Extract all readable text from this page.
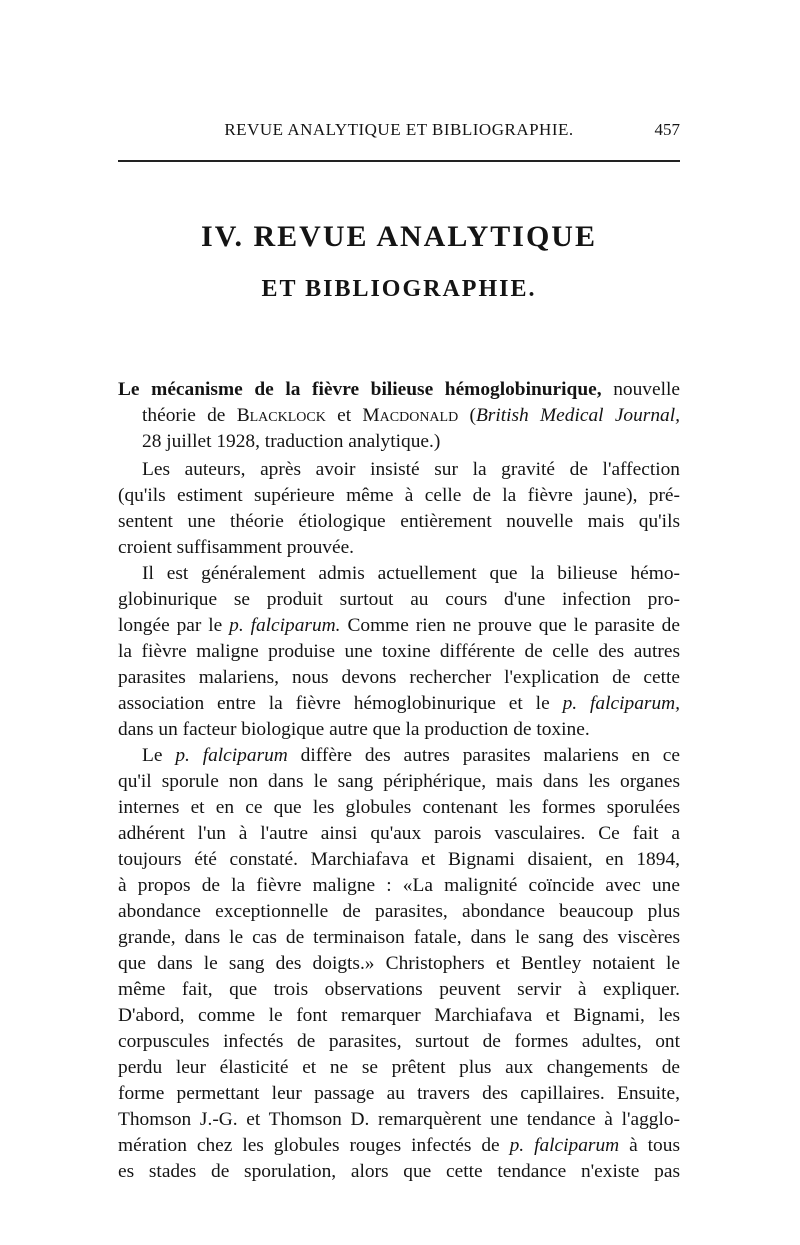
REVUE ANALYTIQUE ET BIBLIOGRAPHIE.	457
IV. REVUE ANALYTIQUE
ET BIBLIOGRAPHIE.
Le mécanisme de la fièvre bilieuse hémoglobinurique, nouvelle
théorie de Blacklock et Macdonald (British Medical Journal,
28 juillet 1928, traduction analytique.)
Les auteurs, après avoir insisté sur la gravité de l'affection
(qu'ils estiment supérieure même à celle de la fièvre jaune), pré-
sentent une théorie étiologique entièrement nouvelle mais qu'ils
croient suffisamment prouvée.
Il est généralement admis actuellement que la bilieuse hémo-
globinurique se produit surtout au cours d'une infection pro-
longée par le p. falciparum. Comme rien ne prouve que le parasite de
la fièvre maligne produise une toxine différente de celle des autres
parasites malariens, nous devons rechercher l'explication de cette
association entre la fièvre hémoglobinurique et le p. falciparum,
dans un facteur biologique autre que la production de toxine.
Le p. falciparum diffère des autres parasites malariens en ce
qu'il sporule non dans le sang périphérique, mais dans les organes
internes et en ce que les globules contenant les formes sporulées
adhérent l'un à l'autre ainsi qu'aux parois vasculaires. Ce fait a
toujours été constaté. Marchiafava et Bignami disaient, en 1894,
à propos de la fièvre maligne : «La malignité coïncide avec une
abondance exceptionnelle de parasites, abondance beaucoup plus
grande, dans le cas de terminaison fatale, dans le sang des viscères
que dans le sang des doigts.» Christophers et Bentley notaient le
même fait, que trois observations peuvent servir à expliquer.
D'abord, comme le font remarquer Marchiafava et Bignami, les
corpuscules infectés de parasites, surtout de formes adultes, ont
perdu leur élasticité et ne se prêtent plus aux changements de
forme permettant leur passage au travers des capillaires. Ensuite,
Thomson J.-G. et Thomson D. remarquèrent une tendance à l'agglo-
mération chez les globules rouges infectés de p. falciparum à tous
es stades de sporulation, alors que cette tendance n'existe pas
